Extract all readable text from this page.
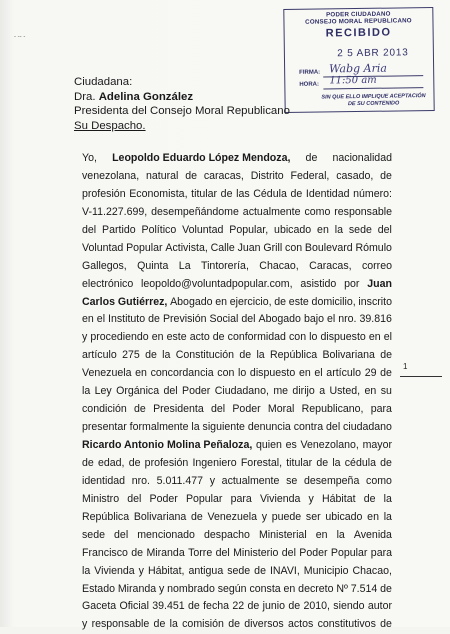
- -- -
PODER CIUDADANO
CONSEJO MORAL REPUBLICANO
RECIBIDO
2 5 ABR 2013
FIRMA:
HORA:
Wabg Aria
11:50 am
SIN QUE ELLO IMPLIQUE ACEPTACIÓN
DE SU CONTENIDO
Ciudadana:
Dra. Adelina González
Presidenta del Consejo Moral Republicano
Su Despacho.
Yo, Leopoldo Eduardo López Mendoza, de nacionalidad
venezolana, natural de caracas, Distrito Federal, casado, de
profesión Economista, titular de las Cédula de Identidad número:
V-11.227.699, desempeñándome actualmente como responsable
del Partido Político Voluntad Popular, ubicado en la sede del
Voluntad Popular Activista, Calle Juan Grill con Boulevard Rómulo
Gallegos, Quinta La Tintorería, Chacao, Caracas, correo
electrónico leopoldo@voluntadpopular.com, asistido por Juan
Carlos Gutiérrez, Abogado en ejercicio, de este domicilio, inscrito
en el Instituto de Previsión Social del Abogado bajo el nro. 39.816
y procediendo en este acto de conformidad con lo dispuesto en el
artículo 275 de la Constitución de la República Bolivariana de
Venezuela en concordancia con lo dispuesto en el artículo 29 de
la Ley Orgánica del Poder Ciudadano, me dirijo a Usted, en su
condición de Presidenta del Poder Moral Republicano, para
presentar formalmente la siguiente denuncia contra del ciudadano
Ricardo Antonio Molina Peñaloza, quien es Venezolano, mayor
de edad, de profesión Ingeniero Forestal, titular de la cédula de
identidad nro. 5.011.477 y actualmente se desempeña como
Ministro del Poder Popular para Vivienda y Hábitat de la
República Bolivariana de Venezuela y puede ser ubicado en la
sede del mencionado despacho Ministerial en la Avenida
Francisco de Miranda Torre del Ministerio del Poder Popular para
la Vivienda y Hábitat, antigua sede de INAVI, Municipio Chacao,
Estado Miranda y nombrado según consta en decreto Nº 7.514 de
Gaceta Oficial 39.451 de fecha 22 de junio de 2010, siendo autor
y responsable de la comisión de diversos actos constitutivos de
1
